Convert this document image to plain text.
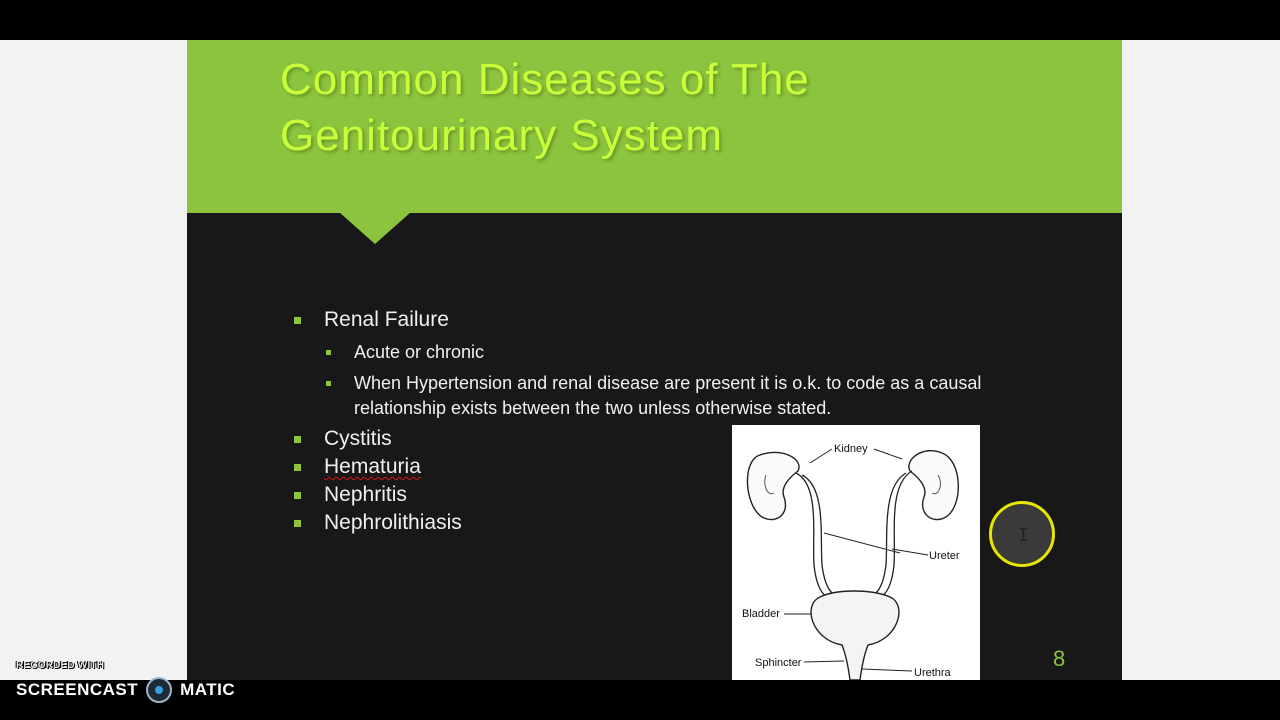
Common Diseases of The
Genitourinary System
Renal Failure
Acute or chronic
When Hypertension and renal disease are present it is o.k. to code as a causal relationship exists between the two unless otherwise stated.
Cystitis
Hematuria
Nephritis
Nephrolithiasis
Kidney
Ureter
Bladder
Sphincter
Urethra
8
I
RECORDED WITH
SCREENCAST MATIC
